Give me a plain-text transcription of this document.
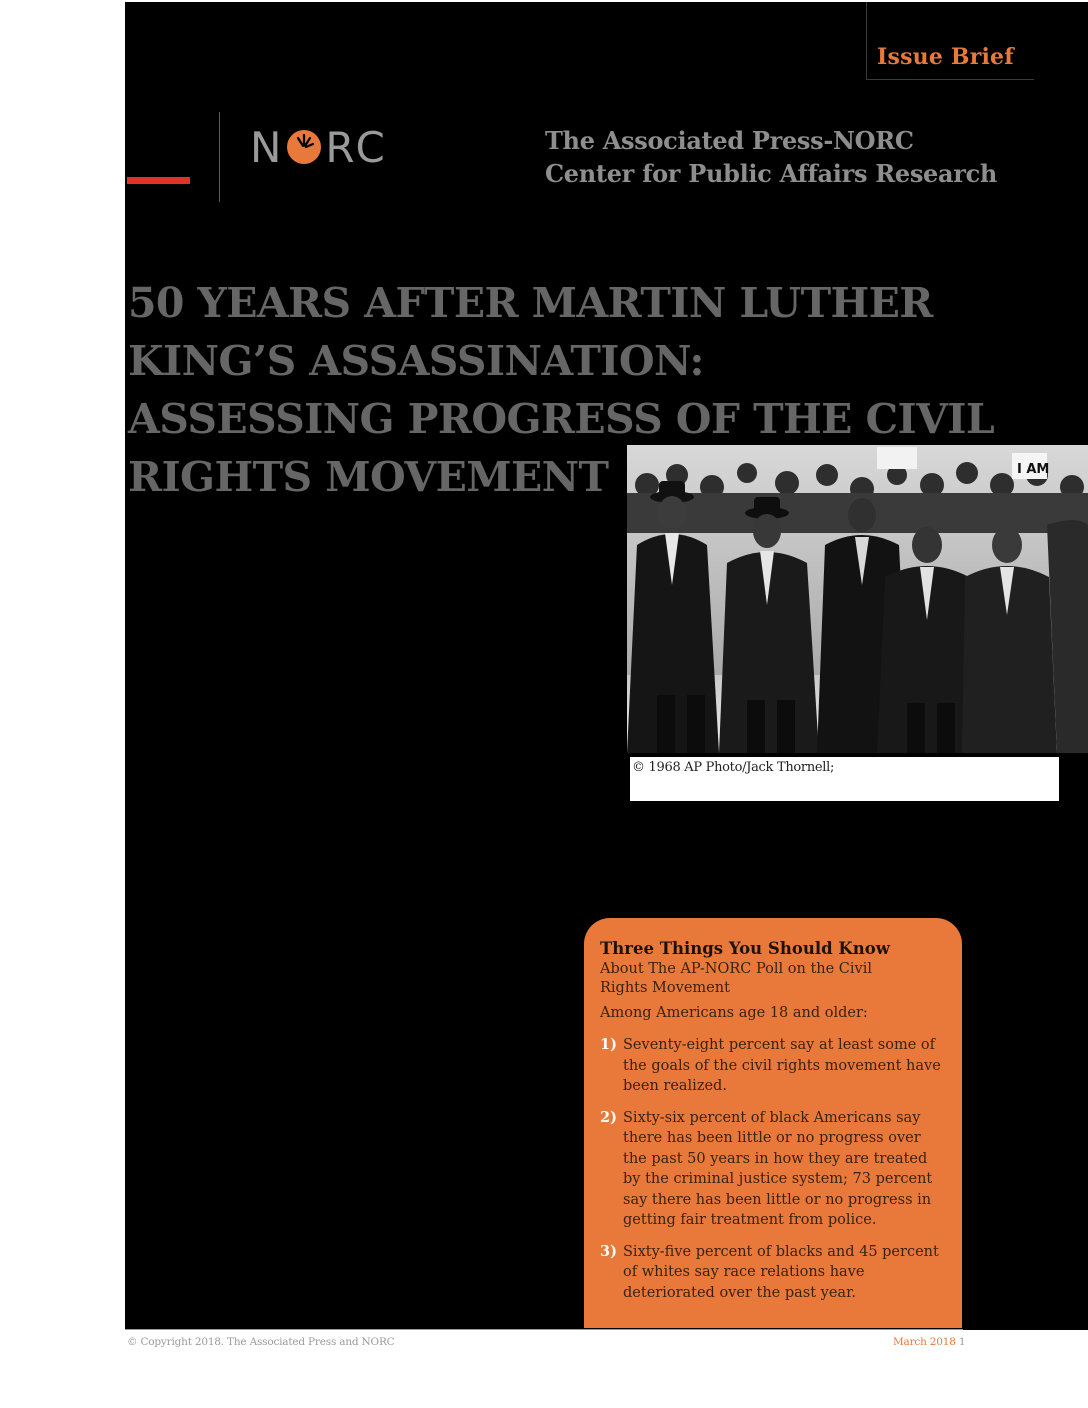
Issue Brief
N RC	The Associated Press-NORC
Center for Public Affairs Research
50 YEARS AFTER MARTIN LUTHER
KING’S ASSASSINATION:
ASSESSING PROGRESS OF THE CIVIL
RIGHTS MOVEMENT	I AM
© 1968 AP Photo/Jack Thornell;
Three Things You Should Know
About The AP-NORC Poll on the Civil Rights Movement
Among Americans age 18 and older:
1) Seventy-eight percent say at least some of the goals of the civil rights movement have been realized.
2) Sixty-six percent of black Americans say there has been little or no progress over the past 50 years in how they are treated by the criminal justice system; 73 percent say there has been little or no progress in getting fair treatment from police.
3) Sixty-five percent of blacks and 45 percent of whites say race relations have deteriorated over the past year.
© Copyright 2018. The Associated Press and NORC	March 2018 1
